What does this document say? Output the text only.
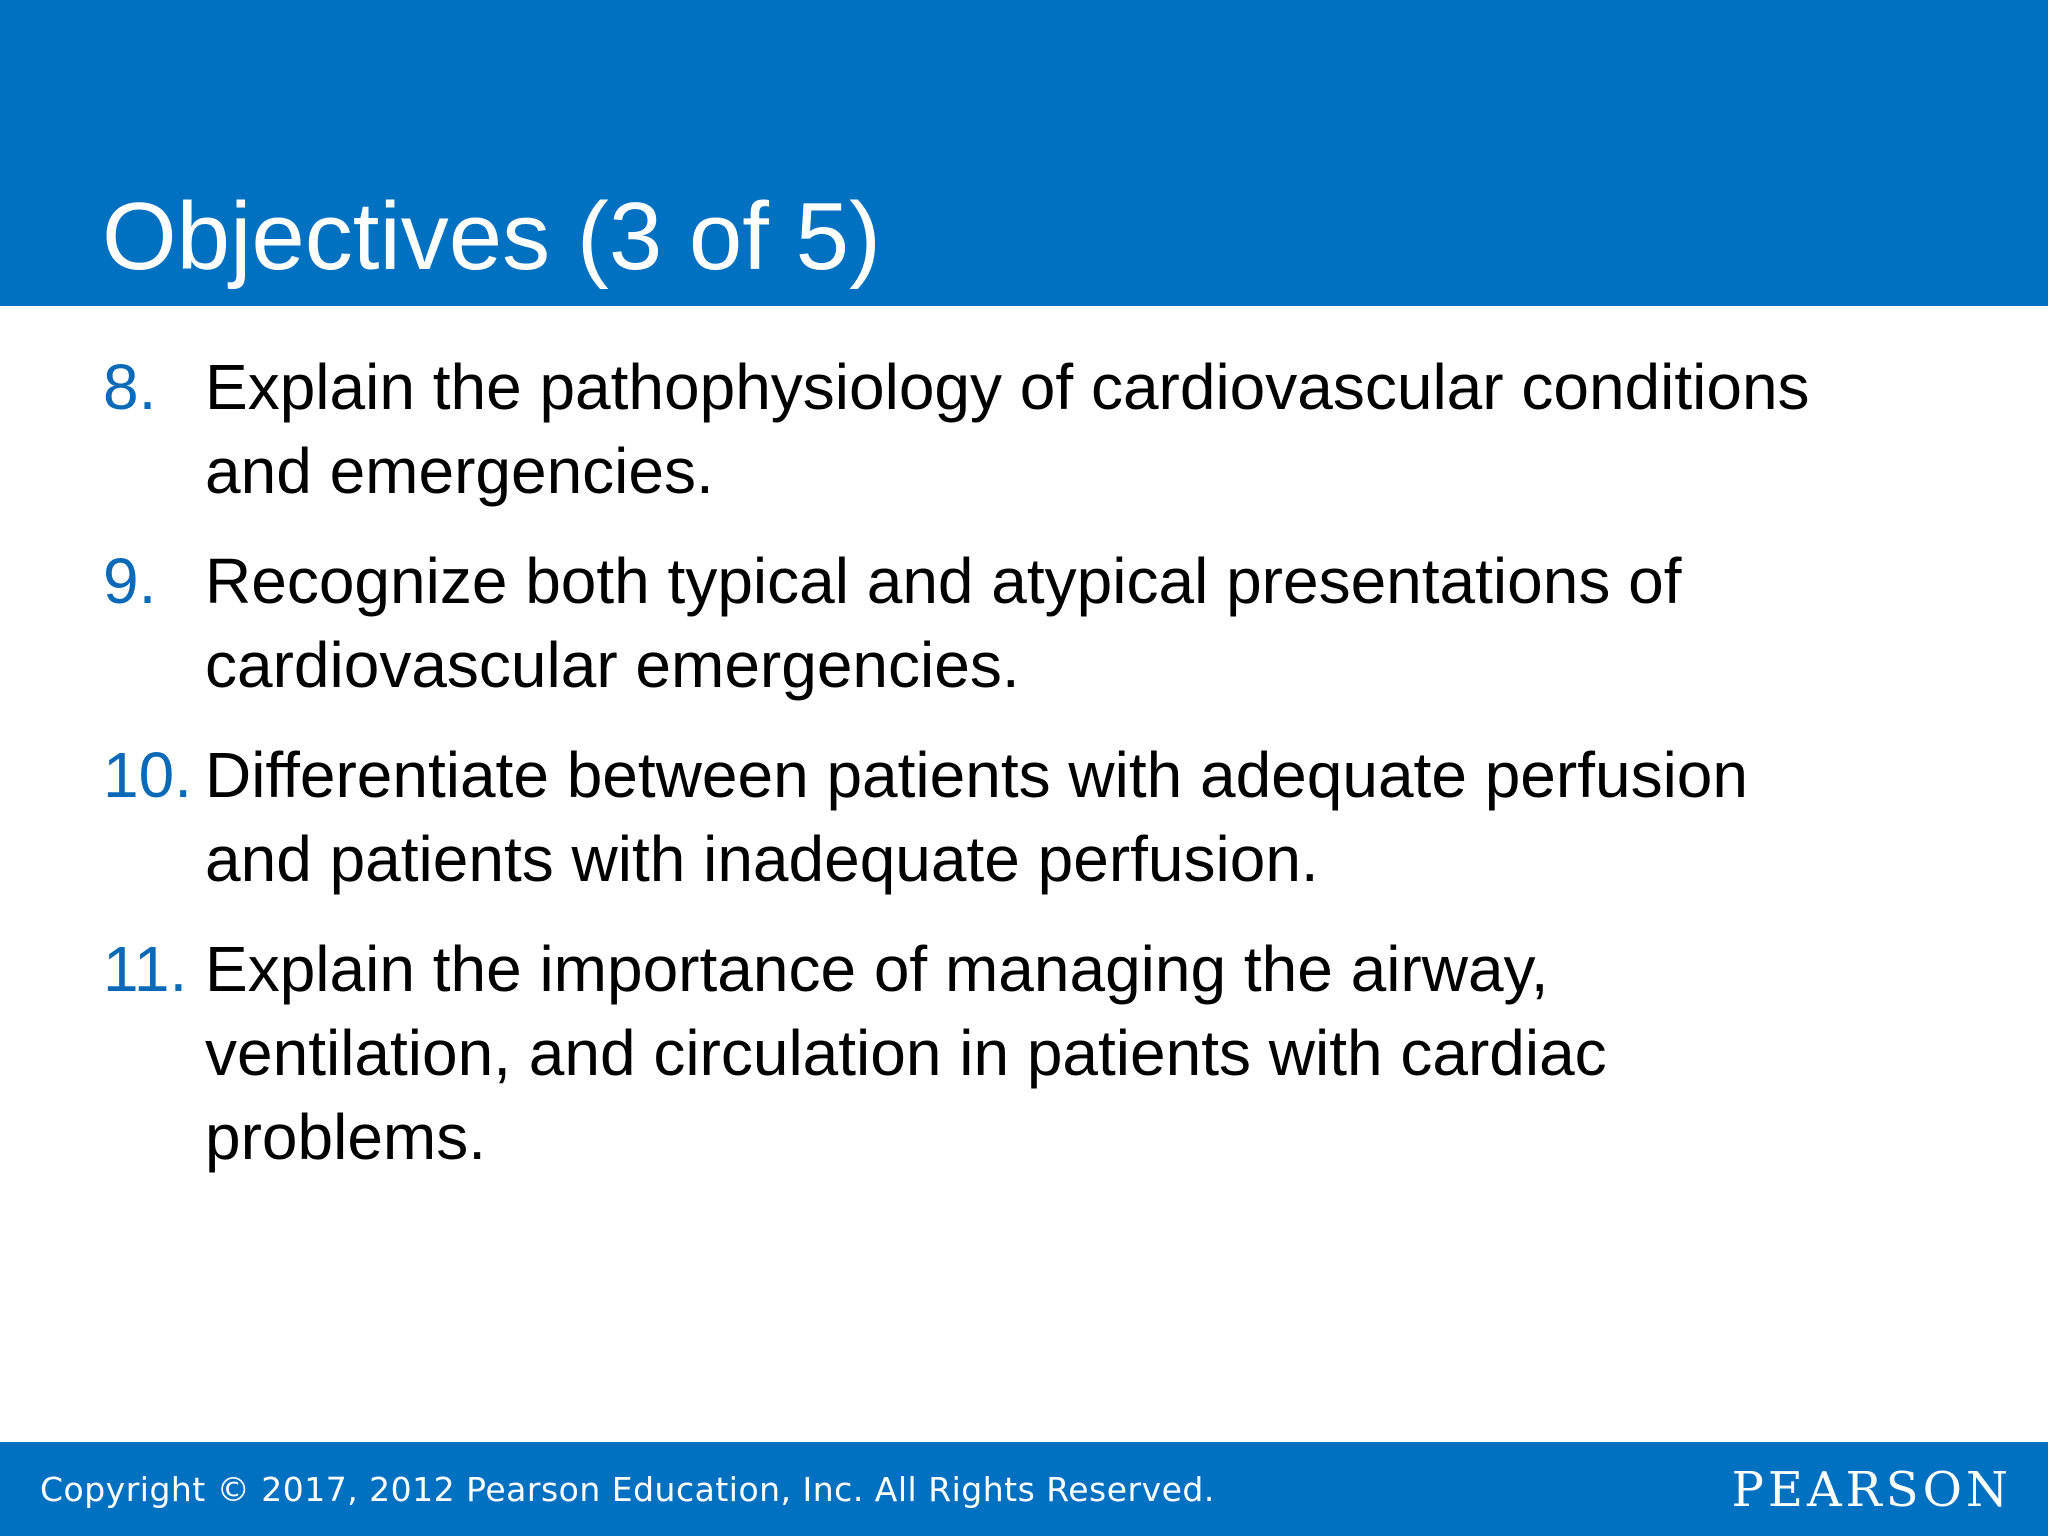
Objectives (3 of 5)
8. Explain the pathophysiology of cardiovascular conditions
and emergencies.
9. Recognize both typical and atypical presentations of
cardiovascular emergencies.
10. Differentiate between patients with adequate perfusion
and patients with inadequate perfusion.
11. Explain the importance of managing the airway,
ventilation, and circulation in patients with cardiac
problems.
Copyright © 2017, 2012 Pearson Education, Inc. All Rights Reserved.	PEARSON
